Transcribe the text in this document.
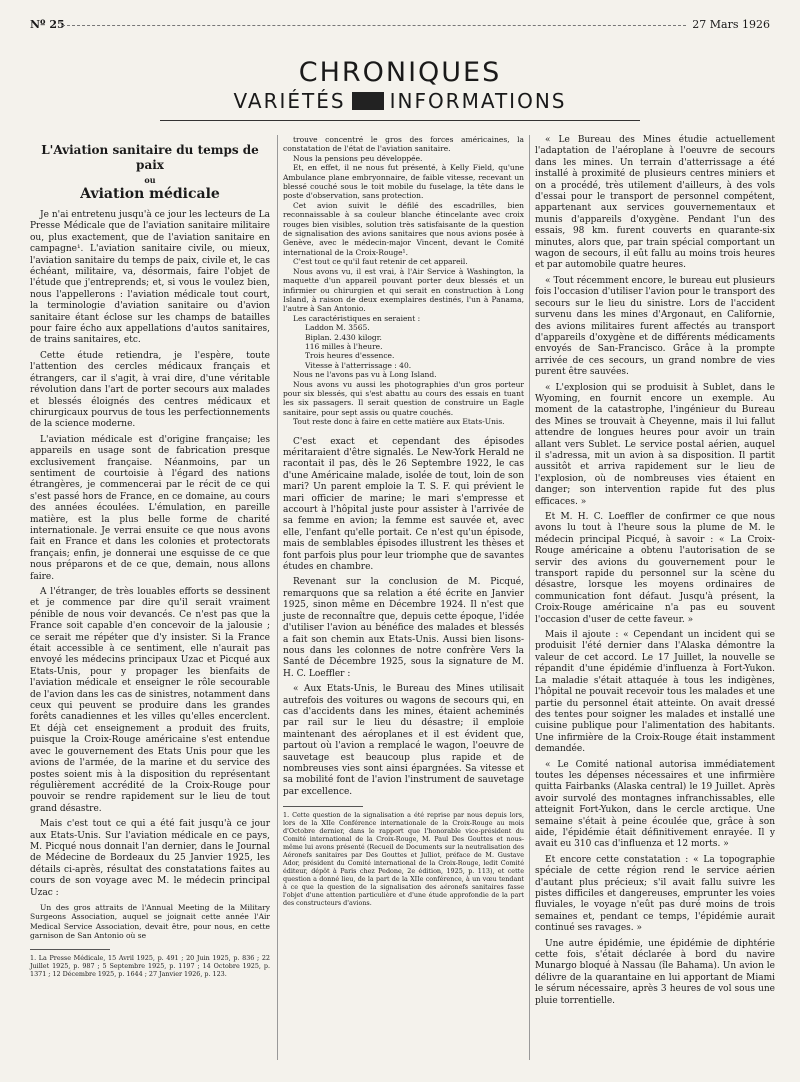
Nº 25	27 Mars 1926
CHRONIQUES
VARIÉTÉS INFORMATIONS
L'Aviation sanitaire du temps de paix
ou
Aviation médicale

Je n'ai entretenu jusqu'à ce jour les lecteurs de La Presse Médicale que de l'aviation sanitaire militaire ou, plus exactement, que de l'aviation sanitaire en campagne¹. L'aviation sanitaire civile, ou mieux, l'aviation sanitaire du temps de paix, civile et, le cas échéant, militaire, va, désormais, faire l'objet de l'étude que j'entreprends; et, si vous le voulez bien, nous l'appellerons : l'aviation médicale tout court, la terminologie d'aviation sanitaire ou d'avion sanitaire étant éclose sur les champs de batailles pour faire écho aux appellations d'autos sanitaires, de trains sanitaires, etc.

Cette étude retiendra, je l'espère, toute l'attention des cercles médicaux français et étrangers, car il s'agit, à vrai dire, d'une véritable révolution dans l'art de porter secours aux malades et blessés éloignés des centres médicaux et chirurgicaux pourvus de tous les perfectionnements de la science moderne.

L'aviation médicale est d'origine française; les appareils en usage sont de fabrication presque exclusivement française. Néanmoins, par un sentiment de courtoisie à l'égard des nations étrangères, je commencerai par le récit de ce qui s'est passé hors de France, en ce domaine, au cours des années écoulées. L'émulation, en pareille matière, est la plus belle forme de charité internationale. Je verrai ensuite ce que nous avons fait en France et dans les colonies et protectorats français; enfin, je donnerai une esquisse de ce que nous préparons et de ce que, demain, nous allons faire.

A l'étranger, de très louables efforts se dessinent et je commence par dire qu'il serait vraiment pénible de nous voir devancés. Ce n'est pas que la France soit capable d'en concevoir de la jalousie ; ce serait me répéter que d'y insister. Si la France était accessible à ce sentiment, elle n'aurait pas envoyé les médecins principaux Uzac et Picqué aux Etats-Unis, pour y propager les bienfaits de l'aviation médicale et enseigner le rôle secourable de l'avion dans les cas de sinistres, notamment dans ceux qui peuvent se produire dans les grandes forêts canadiennes et les villes qu'elles encerclent. Et déjà cet enseignement a produit des fruits, puisque la Croix-Rouge américaine s'est entendue avec le gouvernement des Etats Unis pour que les avions de l'armée, de la marine et du service des postes soient mis à la disposition du représentant régulièrement accrédité de la Croix-Rouge pour pouvoir se rendre rapidement sur le lieu de tout grand désastre.

Mais c'est tout ce qui a été fait jusqu'à ce jour aux Etats-Unis. Sur l'aviation médicale en ce pays, M. Picqué nous donnait l'an dernier, dans le Journal de Médecine de Bordeaux du 25 Janvier 1925, les détails ci-après, résultat des constatations faites au cours de son voyage avec M. le médecin principal Uzac :

Un des gros attraits de l'Annual Meeting de la Military Surgeons Association, auquel se joignait cette année l'Air Medical Service Association, devait être, pour nous, en cette garnison de San Antonio où se

1. La Presse Médicale, 15 Avril 1925, p. 491 ; 20 Juin 1925, p. 836 ; 22 Juillet 1925, p. 987 ; 5 Septembre 1925, p. 1197 ; 14 Octobre 1925, p. 1371 ; 12 Décembre 1925, p. 1644 ; 27 Janvier 1926, p. 123.

trouve concentré le gros des forces américaines, la constatation de l'état de l'aviation sanitaire.

Nous la pensions peu développée.

Et, en effet, il ne nous fut présenté, à Kelly Field, qu'une Ambulance plane embryonnaire, de faible vitesse, recevant un blessé couché sous le toit mobile du fuselage, la tête dans le poste d'observation, sans protection.

Cet avion suivit le défilé des escadrilles, bien reconnaissable à sa couleur blanche étincelante avec croix rouges bien visibles, solution très satisfaisante de la question de signalisation des avions sanitaires que nous avions posée à Genève, avec le médecin-major Vincent, devant le Comité international de la Croix-Rouge¹.

C'est tout ce qu'il faut retenir de cet appareil.

Nous avons vu, il est vrai, à l'Air Service à Washington, la maquette d'un appareil pouvant porter deux blessés et un infirmier ou chirurgien et qui serait en construction à Long Island, à raison de deux exemplaires destinés, l'un à Panama, l'autre à San Antonio.

Les caractéristiques en seraient :

Laddon M. 3565.

Biplan. 2.430 kilogr.

116 milles à l'heure.

Trois heures d'essence.

Vitesse à l'atterrissage : 40.

Nous ne l'avons pas vu à Long Island.

Nous avons vu aussi les photographies d'un gros porteur pour six blessés, qui s'est abattu au cours des essais en tuant les six passagers. Il serait question de construire un Eagle sanitaire, pour sept assis ou quatre couchés.

Tout reste donc à faire en cette matière aux Etats-Unis.

C'est exact et cependant des épisodes méritaraient d'être signalés. Le New-York Herald ne racontait il pas, dès le 26 Septembre 1922, le cas d'une Américaine malade, isolée de tout, loin de son mari? Un parent emploie la T. S. F. qui prévient le mari officier de marine; le mari s'empresse et accourt à l'hôpital juste pour assister à l'arrivée de sa femme en avion; la femme est sauvée et, avec elle, l'enfant qu'elle portait. Ce n'est qu'un épisode, mais de semblables épisodes illustrent les thèses et font parfois plus pour leur triomphe que de savantes études en chambre.

Revenant sur la conclusion de M. Picqué, remarquons que sa relation a été écrite en Janvier 1925, sinon même en Décembre 1924. Il n'est que juste de reconnaître que, depuis cette époque, l'idée d'utiliser l'avion au bénéfice des malades et blessés a fait son chemin aux Etats-Unis. Aussi bien lisons-nous dans les colonnes de notre confrère Vers la Santé de Décembre 1925, sous la signature de M. H. C. Loeffler :

« Aux Etats-Unis, le Bureau des Mines utilisait autrefois des voitures ou wagons de secours qui, en cas d'accidents dans les mines, étaient acheminés par rail sur le lieu du désastre; il emploie maintenant des aéroplanes et il est évident que, partout où l'avion a remplacé le wagon, l'oeuvre de sauvetage est beaucoup plus rapide et de nombreuses vies sont ainsi épargnées. Sa vitesse et sa mobilité font de l'avion l'instrument de sauvetage par excellence.

1. Cette question de la signalisation a été reprise par nous depuis lors, lors de la XIIe Conférence internationale de la Croix-Rouge au mois d'Octobre dernier, dans le rapport que l'honorable vice-président du Comité international de la Croix-Rouge, M. Paul Des Gouttes et nous-même lui avons présenté (Recueil de Documents sur la neutralisation des Aéronefs sanitaires par Des Gouttes et Julliot, préface de M. Gustave Ador, président du Comité international de la Croix-Rouge, ledit Comité éditeur, dépôt à Paris chez Pedone, 2e édition, 1925, p. 113), et cette question a donné lieu, de la part de la XIIe conférence, à un vœu tendant à ce que la question de la signalisation des aéronefs sanitaires fasse l'objet d'une attention particulière et d'une étude approfondie de la part des constructeurs d'avions.

« Le Bureau des Mines étudie actuellement l'adaptation de l'aéroplane à l'oeuvre de secours dans les mines. Un terrain d'atterrissage a été installé à proximité de plusieurs centres miniers et on a procédé, très utilement d'ailleurs, à des vols d'essai pour le transport de personnel compétent, appartenant aux services gouvernementaux et munis d'appareils d'oxygène. Pendant l'un des essais, 98 km. furent couverts en quarante-six minutes, alors que, par train spécial comportant un wagon de secours, il eût fallu au moins trois heures et par automobile quatre heures.

« Tout récemment encore, le bureau eut plusieurs fois l'occasion d'utiliser l'avion pour le transport des secours sur le lieu du sinistre. Lors de l'accident survenu dans les mines d'Argonaut, en Californie, des avions militaires furent affectés au transport d'appareils d'oxygène et de différents médicaments envoyés de San-Francisco. Grâce à la prompte arrivée de ces secours, un grand nombre de vies purent être sauvées.

« L'explosion qui se produisit à Sublet, dans le Wyoming, en fournit encore un exemple. Au moment de la catastrophe, l'ingénieur du Bureau des Mines se trouvait à Cheyenne, mais il lui fallut attendre de longues heures pour avoir un train allant vers Sublet. Le service postal aérien, auquel il s'adressa, mit un avion à sa disposition. Il partit aussitôt et arriva rapidement sur le lieu de l'explosion, où de nombreuses vies étaient en danger; son intervention rapide fut des plus efficaces. »

Et M. H. C. Loeffler de confirmer ce que nous avons lu tout à l'heure sous la plume de M. le médecin principal Picqué, à savoir : « La Croix-Rouge américaine a obtenu l'autorisation de se servir des avions du gouvernement pour le transport rapide du personnel sur la scène du désastre, lorsque les moyens ordinaires de communication font défaut. Jusqu'à présent, la Croix-Rouge américaine n'a pas eu souvent l'occasion d'user de cette faveur. »

Mais il ajoute : « Cependant un incident qui se produisit l'été dernier dans l'Alaska démontre la valeur de cet accord. Le 17 Juillet, la nouvelle se répandit d'une épidémie d'influenza à Fort-Yukon. La maladie s'était attaquée à tous les indigènes, l'hôpital ne pouvait recevoir tous les malades et une partie du personnel était atteinte. On avait dressé des tentes pour soigner les malades et installé une cuisine publique pour l'alimentation des habitants. Une infirmière de la Croix-Rouge était instamment demandée.

« Le Comité national autorisa immédiatement toutes les dépenses nécessaires et une infirmière quitta Fairbanks (Alaska central) le 19 Juillet. Après avoir survolé des montagnes infranchissables, elle atteignit Fort-Yukon, dans le cercle arctique. Une semaine s'était à peine écoulée que, grâce à son aide, l'épidémie était définitivement enrayée. Il y avait eu 310 cas d'influenza et 12 morts. »

Et encore cette constatation : « La topographie spéciale de cette région rend le service aérien d'autant plus précieux; s'il avait fallu suivre les pistes difficiles et dangereuses, emprunter les voies fluviales, le voyage n'eût pas duré moins de trois semaines et, pendant ce temps, l'épidémie aurait continué ses ravages. »

Une autre épidémie, une épidémie de diphtérie cette fois, s'était déclarée à bord du navire Munargo bloqué à Nassau (île Bahama). Un avion le délivre de la quarantaine en lui apportant de Miami le sérum nécessaire, après 3 heures de vol sous une pluie torrentielle.
